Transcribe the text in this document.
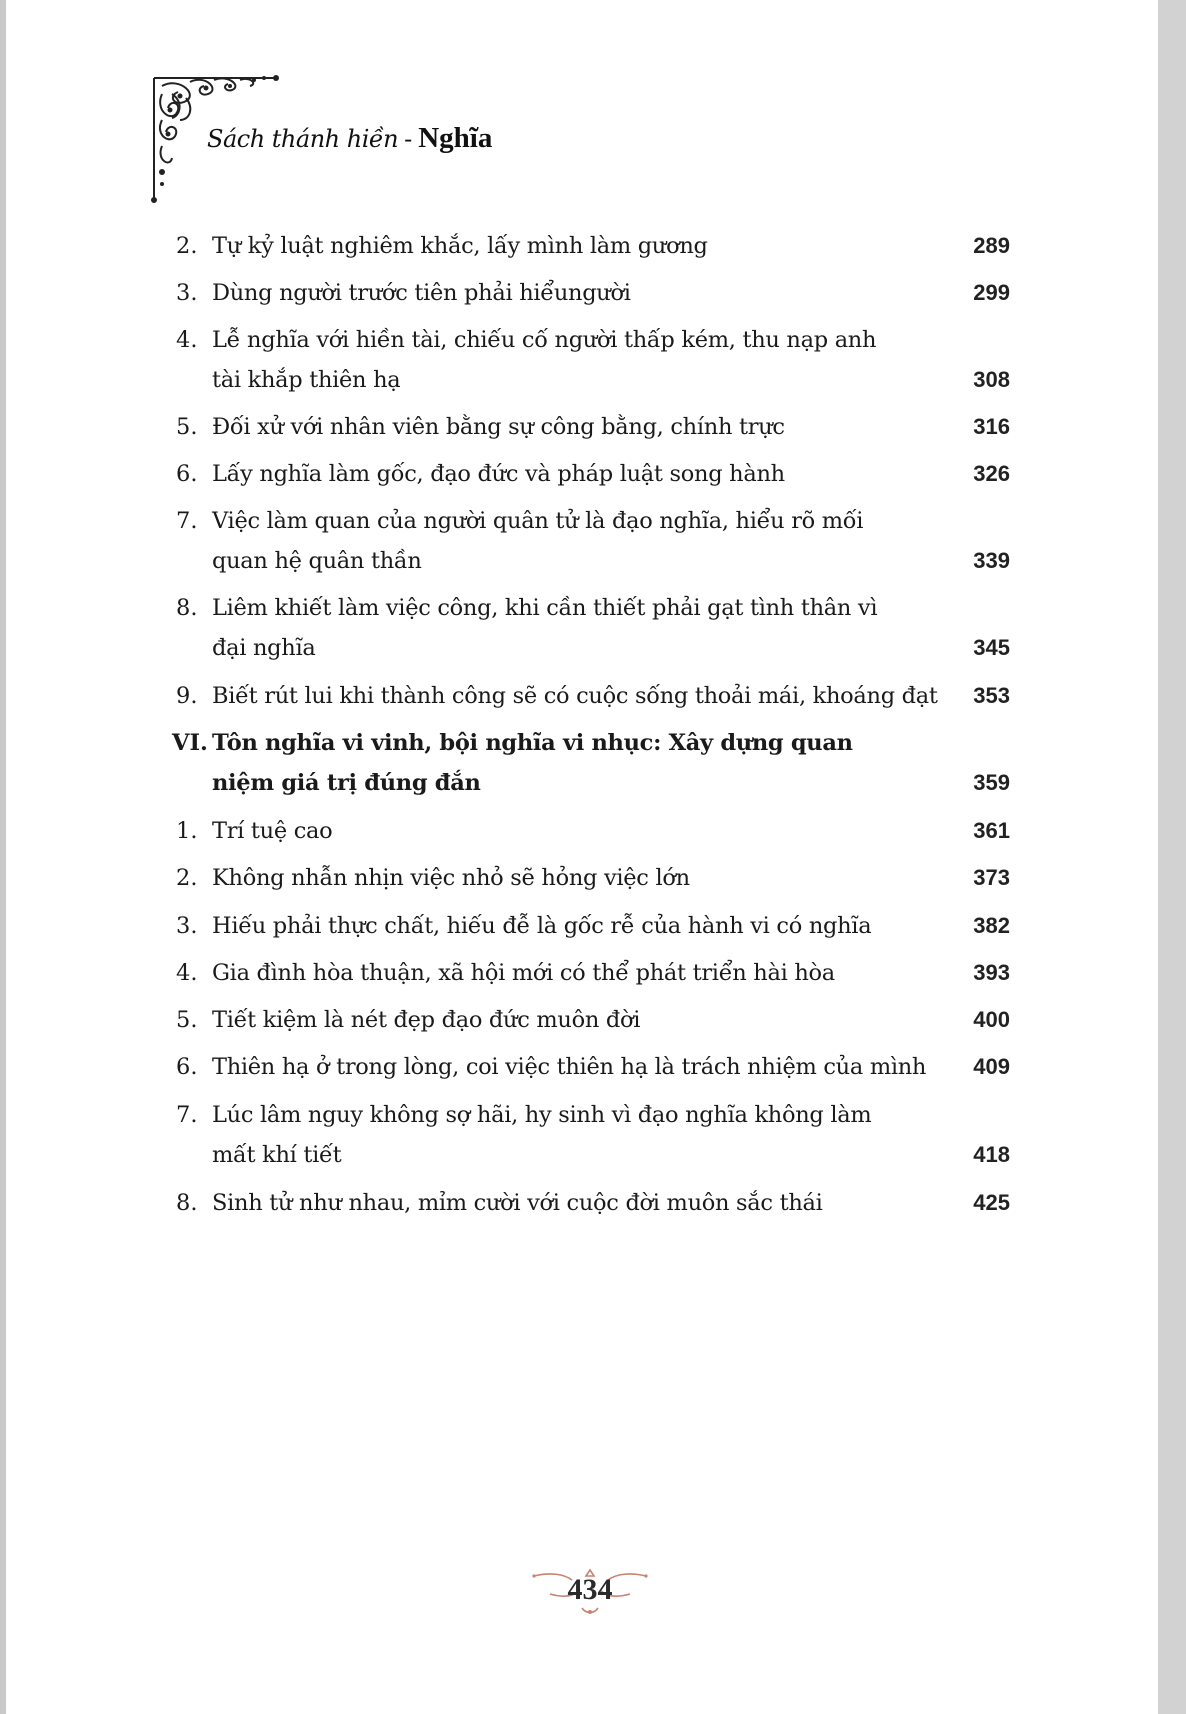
Sách thánh hiền - Nghĩa
2. Tự kỷ luật nghiêm khắc, lấy mình làm gương	289
3. Dùng người trước tiên phải hiểungười	299
4. Lễ nghĩa với hiền tài, chiếu cố người thấp kém, thu nạp anh tài khắp thiên hạ	308
5. Đối xử với nhân viên bằng sự công bằng, chính trực	316
6. Lấy nghĩa làm gốc, đạo đức và pháp luật song hành	326
7. Việc làm quan của người quân tử là đạo nghĩa, hiểu rõ mối quan hệ quân thần	339
8. Liêm khiết làm việc công, khi cần thiết phải gạt tình thân vì đại nghĩa	345
9. Biết rút lui khi thành công sẽ có cuộc sống thoải mái, khoáng đạt	353
VI. Tôn nghĩa vi vinh, bội nghĩa vi nhục: Xây dựng quan niệm giá trị đúng đắn	359
1. Trí tuệ cao	361
2. Không nhẫn nhịn việc nhỏ sẽ hỏng việc lớn	373
3. Hiếu phải thực chất, hiếu đễ là gốc rễ của hành vi có nghĩa	382
4. Gia đình hòa thuận, xã hội mới có thể phát triển hài hòa	393
5. Tiết kiệm là nét đẹp đạo đức muôn đời	400
6. Thiên hạ ở trong lòng, coi việc thiên hạ là trách nhiệm của mình	409
7. Lúc lâm nguy không sợ hãi, hy sinh vì đạo nghĩa không làm mất khí tiết	418
8. Sinh tử như nhau, mỉm cười với cuộc đời muôn sắc thái	425
434
